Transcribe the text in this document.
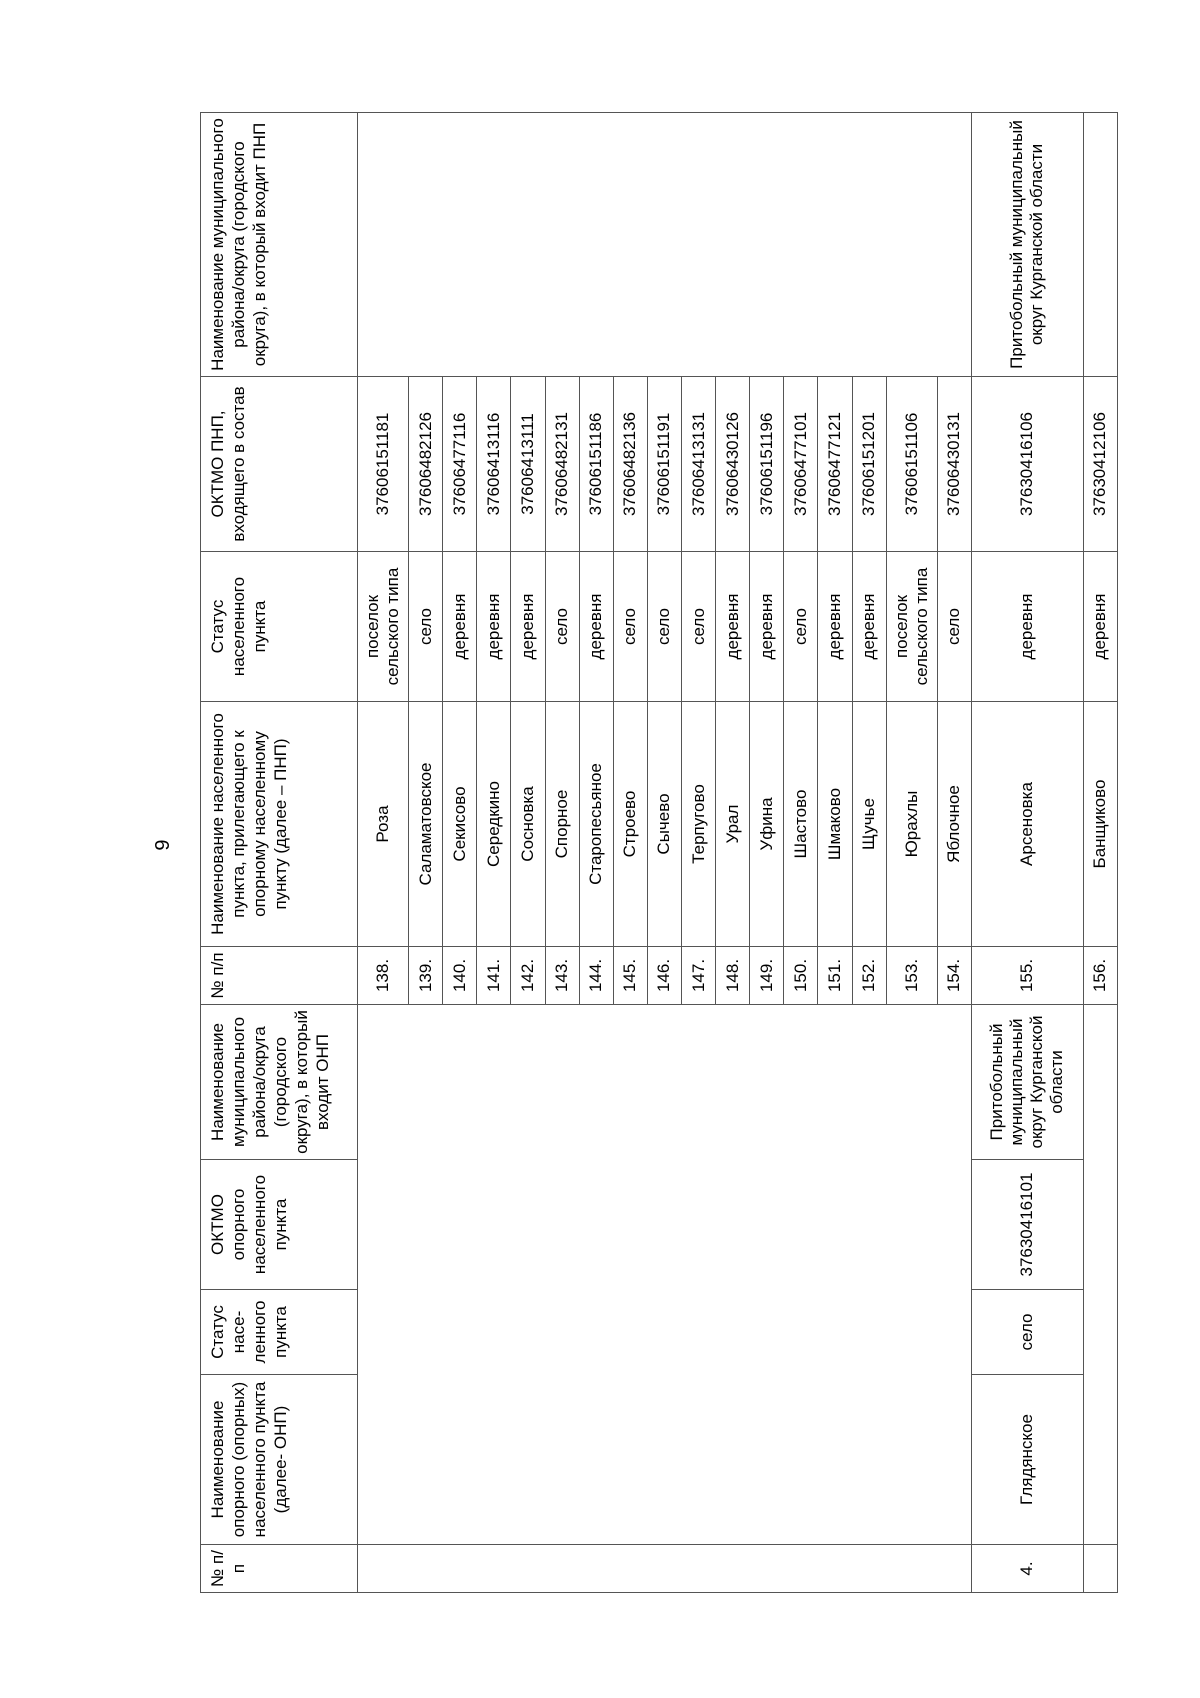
9
№ п/п	Наименование опорного (опорных) населенного пункта (далее- ОНП)	Статус насе- ленного пункта	ОКТМО опорного населенного пункта	Наименование муниципального района/округа (городского округа), в который входит ОНП	№ п/п	Наименование населенного пункта, прилегающего к опорному населенному пункту (далее – ПНП)	Статус населенного пункта	ОКТМО ПНП, входящего в состав	Наименование муниципального района/округа (городского округа), в который входит ПНП
					138.	Роза	поселок сельского типа	37606151181	
					139.	Саламатовское	село	37606482126	
					140.	Секисово	деревня	37606477116	
					141.	Середкино	деревня	37606413116	
					142.	Сосновка	деревня	37606413111	
					143.	Спорное	село	37606482131	
					144.	Старопесьяное	деревня	37606151186	
					145.	Строево	село	37606482136	
					146.	Сычево	село	37606151191	
					147.	Терпугово	село	37606413131	
					148.	Урал	деревня	37606430126	
					149.	Уфина	деревня	37606151196	
					150.	Шастово	село	37606477101	
					151.	Шмаково	деревня	37606477121	
					152.	Щучье	деревня	37606151201	
					153.	Юрахлы	поселок сельского типа	37606151106	
					154.	Яблочное	село	37606430131	
4.	Глядянское	село	37630416101	Притобольный муниципальный округ Курганской области	155.	Арсеновка	деревня	37630416106	Притобольный муниципальный округ Курганской области
					156.	Банщиково	деревня	37630412106	
